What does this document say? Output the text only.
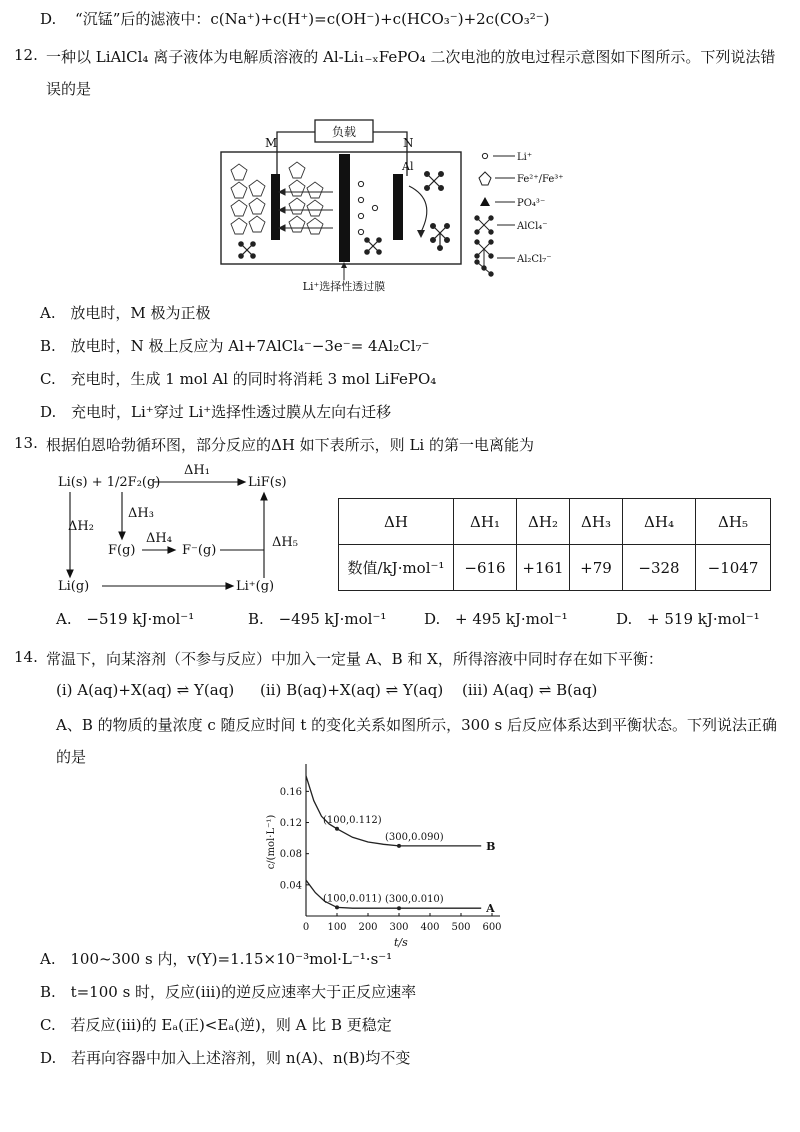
D. “沉锰”后的滤液中：c(Na⁺)+c(H⁺)=c(OH⁻)+c(HCO₃⁻)+2c(CO₃²⁻)
12. 一种以 LiAlCl₄ 离子液体为电解质溶液的 Al-Li₁₋ₓFePO₄ 二次电池的放电过程示意图如下图所示。下列说法错
误的是
负载
M	N
Al
Li⁺选择性透过膜
Li⁺
Fe²⁺/Fe³⁺
PO₄³⁻
AlCl₄⁻
Al₂Cl₇⁻
A. 放电时，M 极为正极
B. 放电时，N 极上反应为 Al+7AlCl₄⁻−3e⁻= 4Al₂Cl₇⁻
C. 充电时，生成 1 mol Al 的同时将消耗 3 mol LiFePO₄
D. 充电时，Li⁺穿过 Li⁺选择性透过膜从左向右迁移
13. 根据伯恩哈勃循环图，部分反应的ΔH 如下表所示，则 Li 的第一电离能为
Li(s) + 1/2F₂(g)	LiF(s)
ΔH₁
ΔH₃
ΔH₂
F(g)
ΔH₄
F⁻(g)
ΔH₅
Li(g)	Li⁺(g)
ΔH	ΔH₁	ΔH₂	ΔH₃	ΔH₄	ΔH₅
数值/kJ·mol⁻¹	−616	+161	+79	−328	−1047
A. −519 kJ·mol⁻¹	B. −495 kJ·mol⁻¹	D. + 495 kJ·mol⁻¹	D. + 519 kJ·mol⁻¹
14. 常温下，向某溶剂（不参与反应）中加入一定量 A、B 和 X，所得溶液中同时存在如下平衡：
(i) A(aq)+X(aq) ⇌ Y(aq) (ii) B(aq)+X(aq) ⇌ Y(aq) (iii) A(aq) ⇌ B(aq)
A、B 的物质的量浓度 c 随反应时间 t 的变化关系如图所示，300 s 后反应体系达到平衡状态。下列说法正确
的是
0 100 200 300 400 500 600
0.04
0.08
0.12
0.16
t/s
c/(mol·L⁻¹)	B
A
(100,0.112)
(300,0.090)
(100,0.011) (300,0.010)
A. 100~300 s 内，v(Y)=1.15×10⁻³mol·L⁻¹·s⁻¹
B. t=100 s 时，反应(iii)的逆反应速率大于正反应速率
C. 若反应(iii)的 Eₐ(正)<Eₐ(逆)，则 A 比 B 更稳定
D. 若再向容器中加入上述溶剂，则 n(A)、n(B)均不变
